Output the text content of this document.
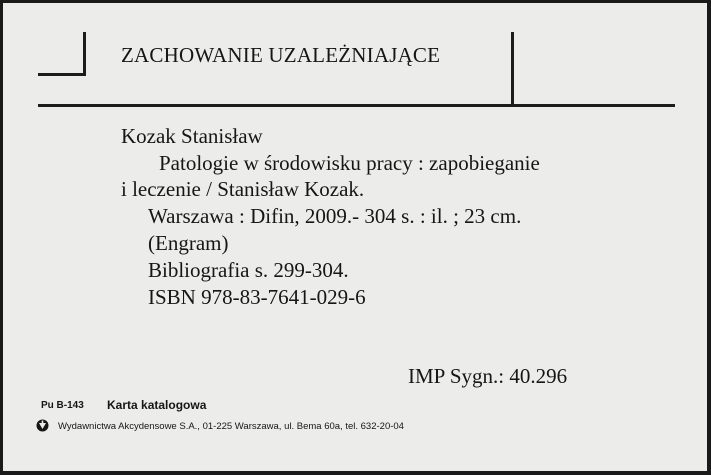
ZACHOWANIE UZALEŻNIAJĄCE
Kozak Stanisław
Patologie w środowisku pracy : zapobieganie
i leczenie / Stanisław Kozak.
Warszawa : Difin, 2009.- 304 s. : il. ; 23 cm.
(Engram)
Bibliografia s. 299-304.
ISBN 978-83-7641-029-6
IMP Sygn.: 40.296
Pu B-143 Karta katalogowa
Wydawnictwa Akcydensowe S.A., 01-225 Warszawa, ul. Bema 60a, tel. 632-20-04
